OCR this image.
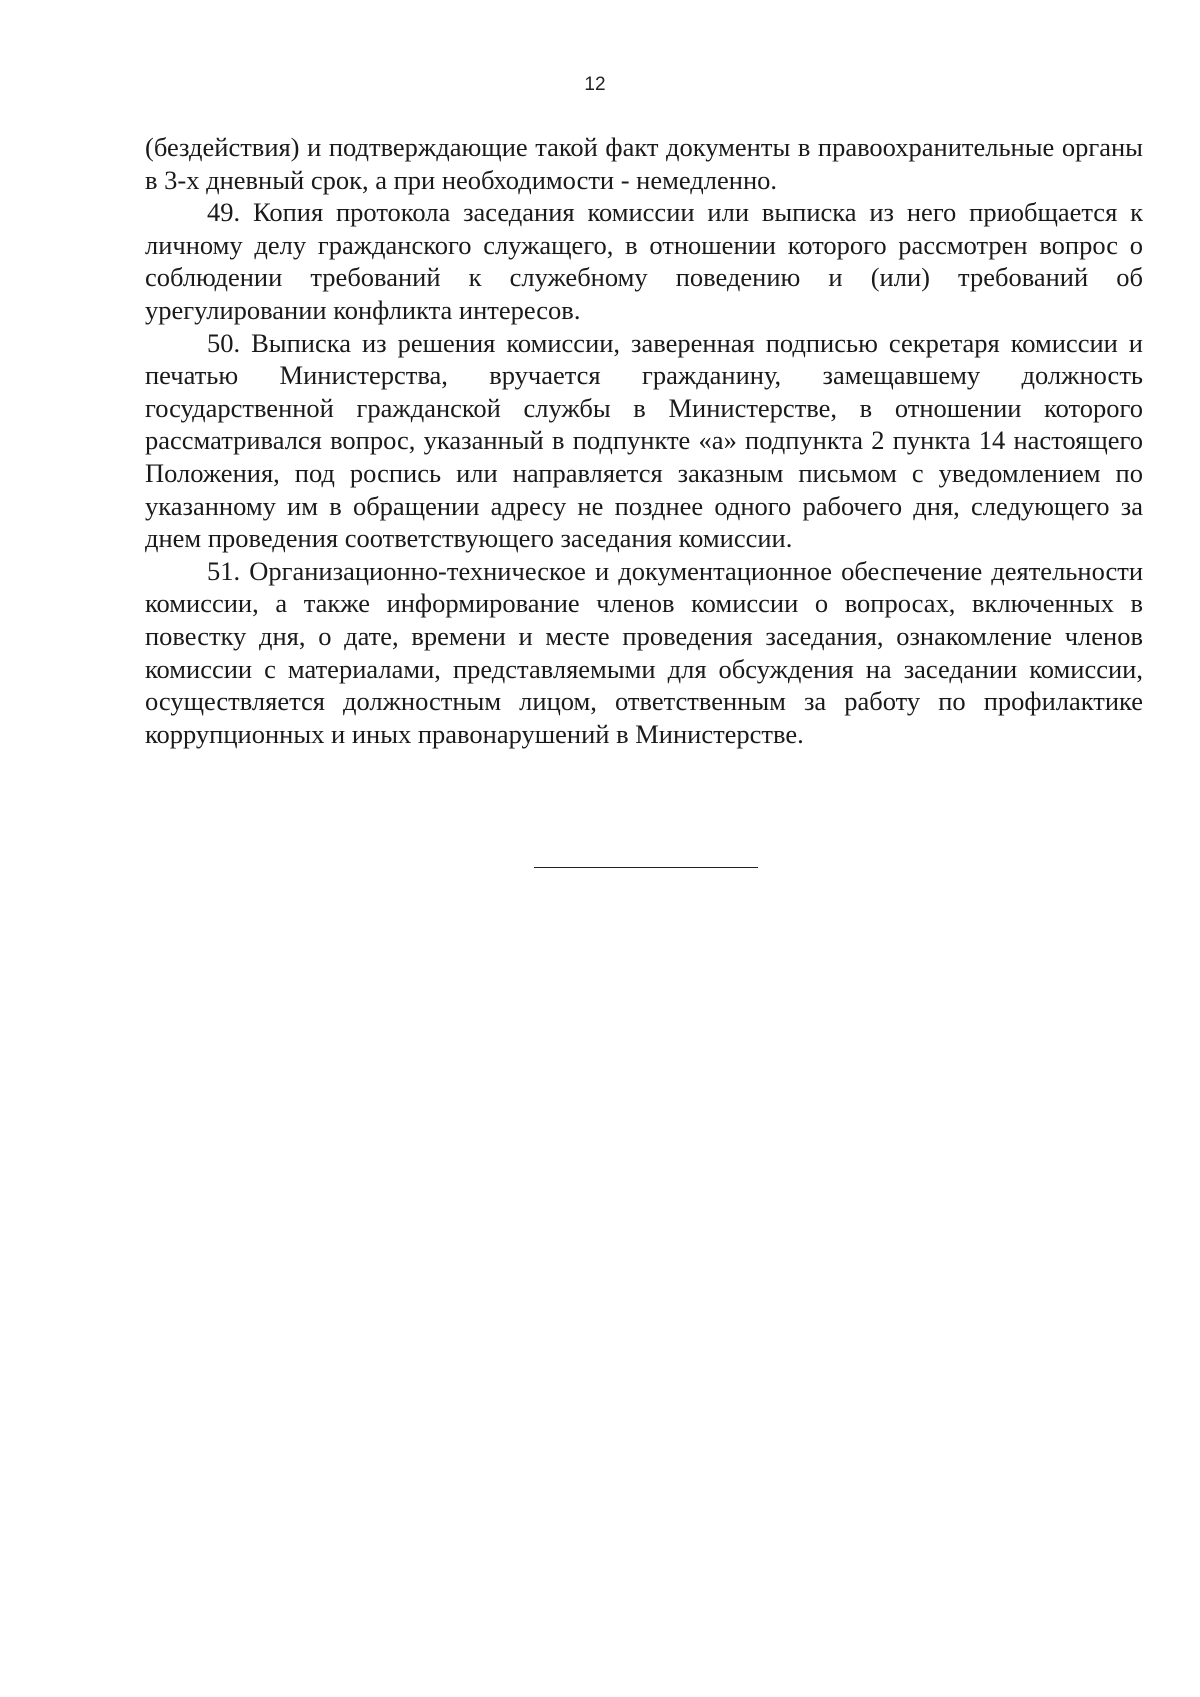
12

(бездействия) и подтверждающие такой факт документы в правоохранительные органы в 3-х дневный срок, а при необходимости - немедленно.

49. Копия протокола заседания комиссии или выписка из него приобщается к личному делу гражданского служащего, в отношении которого рассмотрен вопрос о соблюдении требований к служебному поведению и (или) требований об урегулировании конфликта интересов.

50. Выписка из решения комиссии, заверенная подписью секретаря комиссии и печатью Министерства, вручается гражданину, замещавшему должность государственной гражданской службы в Министерстве, в отношении которого рассматривался вопрос, указанный в подпункте «а» подпункта 2 пункта 14 настоящего Положения, под роспись или направляется заказным письмом с уведомлением по указанному им в обращении адресу не позднее одного рабочего дня, следующего за днем проведения соответствующего заседания комиссии.

51. Организационно-техническое и документационное обеспечение деятельности комиссии, а также информирование членов комиссии о вопросах, включенных в повестку дня, о дате, времени и месте проведения заседания, ознакомление членов комиссии с материалами, представляемыми для обсуждения на заседании комиссии, осуществляется должностным лицом, ответственным за работу по профилактике коррупционных и иных правонарушений в Министерстве.
